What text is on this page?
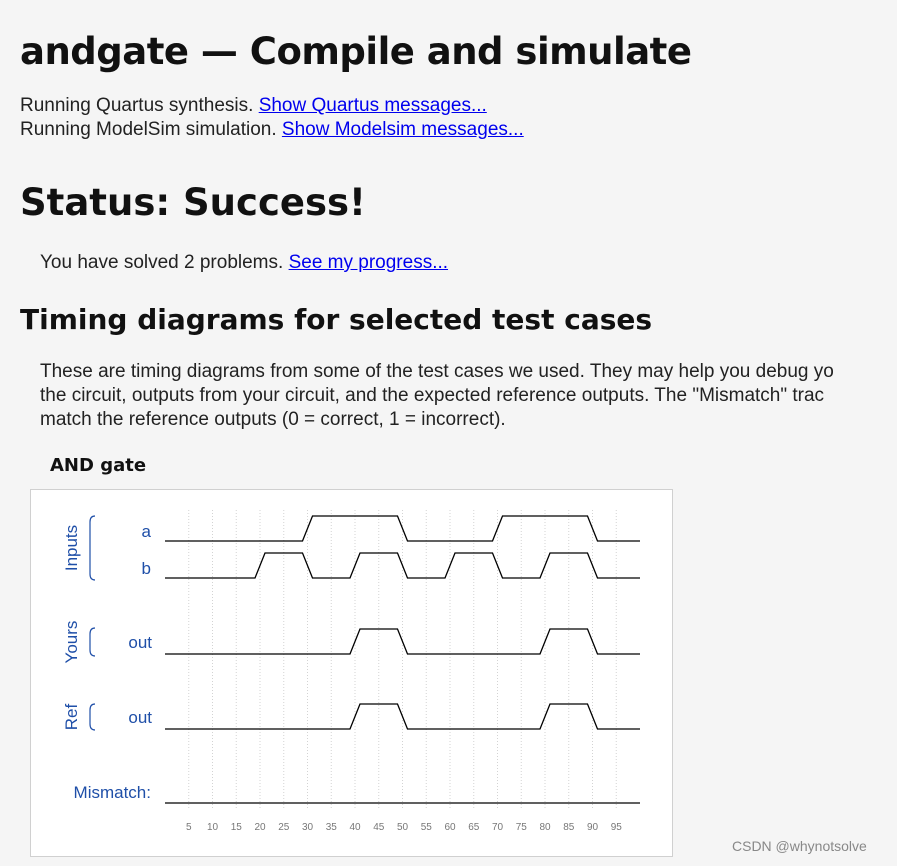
andgate — Compile and simulate

Running Quartus synthesis. Show Quartus messages...

Running ModelSim simulation. Show Modelsim messages...

Status: Success!
You have solved 2 problems. See my progress...
Timing diagrams for selected test cases
These are timing diagrams from some of the test cases we used. They may help you debug yo
the circuit, outputs from your circuit, and the expected reference outputs. The "Mismatch" trac
match the reference outputs (0 = correct, 1 = incorrect).
AND gate
a
b
out
out
Mismatch:
Inputs
Yours
Ref
5 10 15 20 25 30 35 40 45 50 55 60 65 70 75 80 85 90 95
CSDN @whynotsolve
